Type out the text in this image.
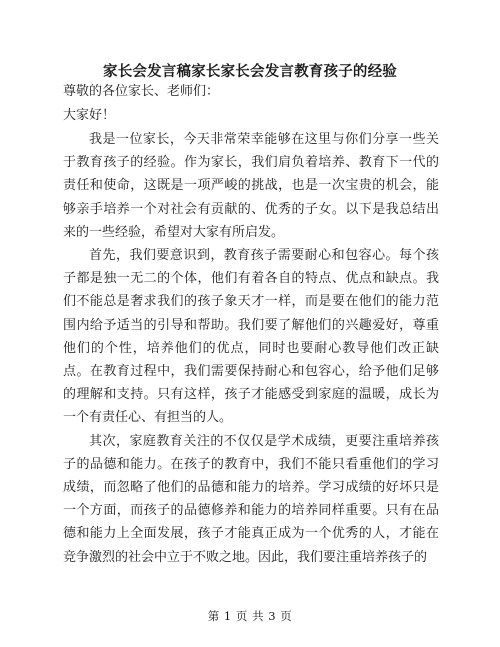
家长会发言稿家长家长会发言教育孩子的经验

尊敬的各位家长、老师们：

大家好！

我是一位家长，今天非常荣幸能够在这里与你们分享一些关于教育孩子的经验。作为家长，我们肩负着培养、教育下一代的责任和使命，这既是一项严峻的挑战，也是一次宝贵的机会，能够亲手培养一个对社会有贡献的、优秀的子女。以下是我总结出来的一些经验，希望对大家有所启发。

首先，我们要意识到，教育孩子需要耐心和包容心。每个孩子都是独一无二的个体，他们有着各自的特点、优点和缺点。我们不能总是奢求我们的孩子象天才一样，而是要在他们的能力范围内给予适当的引导和帮助。我们要了解他们的兴趣爱好，尊重他们的个性，培养他们的优点，同时也要耐心教导他们改正缺点。在教育过程中，我们需要保持耐心和包容心，给予他们足够的理解和支持。只有这样，孩子才能感受到家庭的温暖，成长为一个有责任心、有担当的人。

其次，家庭教育关注的不仅仅是学术成绩，更要注重培养孩子的品德和能力。在孩子的教育中，我们不能只看重他们的学习成绩，而忽略了他们的品德和能力的培养。学习成绩的好坏只是一个方面，而孩子的品德修养和能力的培养同样重要。只有在品德和能力上全面发展，孩子才能真正成为一个优秀的人，才能在竞争激烈的社会中立于不败之地。因此，我们要注重培养孩子的

第 1 页 共 3 页
